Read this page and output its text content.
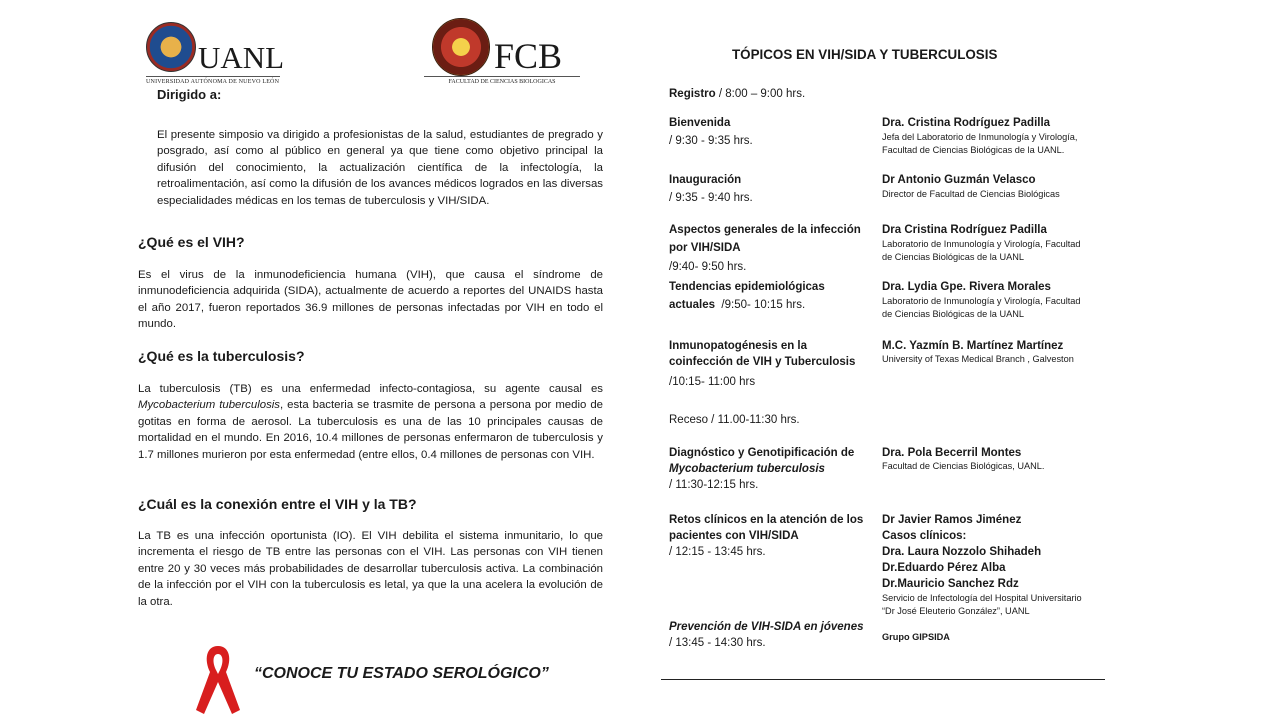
UANL
UNIVERSIDAD AUTÓNOMA DE NUEVO LEÓN
FCB
FACULTAD DE CIENCIAS BIOLOGICAS
Dirigido a:
El presente simposio va dirigido a profesionistas de la salud, estudiantes de pregrado y posgrado, así como al público en general ya que tiene como objetivo principal la difusión del conocimiento, la actualización científica de la infectología, la retroalimentación, así como la difusión de los avances médicos logrados en las diversas especialidades médicas en los temas de tuberculosis y VIH/SIDA.
¿Qué es el VIH?
Es el virus de la inmunodeficiencia humana (VIH), que causa el síndrome de inmunodeficiencia adquirida (SIDA), actualmente de acuerdo a reportes del UNAIDS hasta el año 2017, fueron reportados 36.9 millones de personas infectadas por VIH en todo el mundo.
¿Qué es la tuberculosis?
La tuberculosis (TB) es una enfermedad infecto-contagiosa, su agente causal es Mycobacterium tuberculosis, esta bacteria se trasmite de persona a persona por medio de gotitas en forma de aerosol. La tuberculosis es una de las 10 principales causas de mortalidad en el mundo. En 2016, 10.4 millones de personas enfermaron de tuberculosis y 1.7 millones murieron por esta enfermedad (entre ellos, 0.4 millones de personas con VIH.
¿Cuál es la conexión entre el VIH y la TB?
La TB es una infección oportunista (IO). El VIH debilita el sistema inmunitario, lo que incrementa el riesgo de TB entre las personas con el VIH. Las personas con VIH tienen entre 20 y 30 veces más probabilidades de desarrollar tuberculosis activa. La combinación de la infección por el VIH con la tuberculosis es letal, ya que la una acelera la evolución de la otra.
“CONOCE TU ESTADO SEROLÓGICO”
TÓPICOS EN VIH/SIDA Y TUBERCULOSIS
Registro / 8:00 – 9:00 hrs.
Bienvenida
/ 9:30 - 9:35 hrs.
Dra. Cristina Rodríguez Padilla
Jefa del Laboratorio de Inmunología y Virología,
Facultad de Ciencias Biológicas de la UANL.
Inauguración
/ 9:35 - 9:40 hrs.
Dr Antonio Guzmán Velasco
Director de Facultad de Ciencias Biológicas
Aspectos generales de la infección
por VIH/SIDA
/9:40- 9:50 hrs.
Dra Cristina Rodríguez Padilla
Laboratorio de Inmunología y Virología, Facultad
de Ciencias Biológicas de la UANL
Tendencias epidemiológicas
actuales /9:50- 10:15 hrs.
Dra. Lydia Gpe. Rivera Morales
Laboratorio de Inmunología y Virología, Facultad
de Ciencias Biológicas de la UANL
Inmunopatogénesis en la
coinfección de VIH y Tuberculosis
/10:15- 11:00 hrs
M.C. Yazmín B. Martínez Martínez
University of Texas Medical Branch , Galveston
Receso / 11.00-11:30 hrs.
Diagnóstico y Genotipificación de
Mycobacterium tuberculosis
/ 11:30-12:15 hrs.
Dra. Pola Becerril Montes
Facultad de Ciencias Biológicas, UANL.
Retos clínicos en la atención de los
pacientes con VIH/SIDA
/ 12:15 - 13:45 hrs.
Dr Javier Ramos Jiménez
Casos clínicos:
Dra. Laura Nozzolo Shihadeh
Dr.Eduardo Pérez Alba
Dr.Mauricio Sanchez Rdz
Servicio de Infectología del Hospital Universitario
“Dr José Eleuterio González”, UANL
Prevención de VIH-SIDA en jóvenes
/ 13:45 - 14:30 hrs.	Grupo GIPSIDA
